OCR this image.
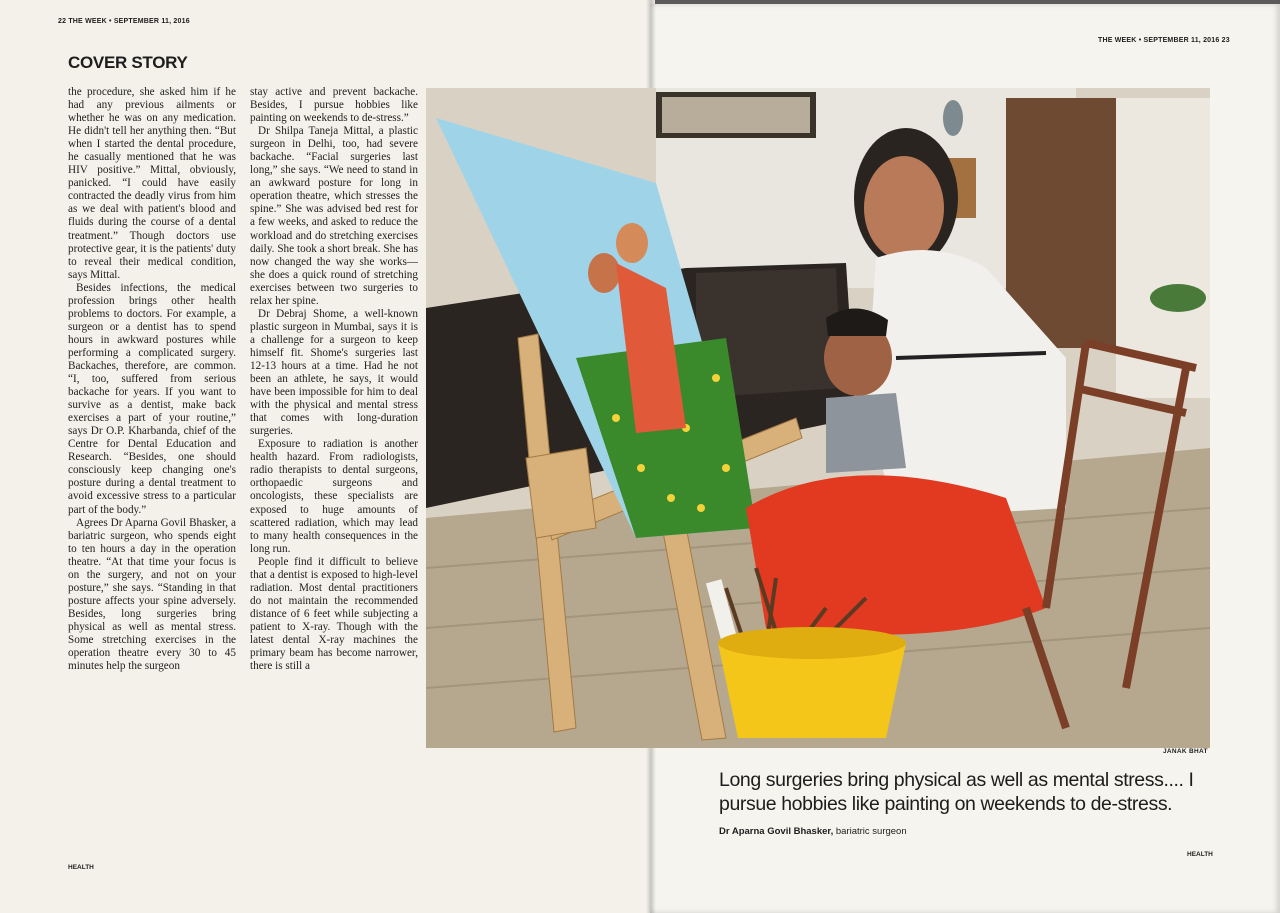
22 THE WEEK • SEPTEMBER 11, 2016
COVER STORY

the procedure, she asked him if he had any previous ailments or whether he was on any medication. He didn't tell her anything then. “But when I started the dental procedure, he casually mentioned that he was HIV positive.” Mittal, obviously, panicked. “I could have easily contracted the deadly virus from him as we deal with patient's blood and fluids during the course of a dental treatment.” Though doctors use protective gear, it is the patients' duty to reveal their medical condition, says Mittal.

Besides infections, the medical profession brings other health problems to doctors. For example, a surgeon or a dentist has to spend hours in awkward postures while performing a complicated surgery. Backaches, therefore, are common. “I, too, suffered from serious backache for years. If you want to survive as a dentist, make back exercises a part of your routine,” says Dr O.P. Kharbanda, chief of the Centre for Dental Education and Research. “Besides, one should consciously keep changing one's posture during a dental treatment to avoid excessive stress to a particular part of the body.”

Agrees Dr Aparna Govil Bhasker, a bariatric surgeon, who spends eight to ten hours a day in the operation theatre. “At that time your focus is on the surgery, and not on your posture,” she says. “Standing in that posture affects your spine adversely. Besides, long surgeries bring physical as well as mental stress. Some stretching exercises in the operation theatre every 30 to 45 minutes help the surgeon

stay active and prevent backache. Besides, I pursue hobbies like painting on weekends to de-stress.”

Dr Shilpa Taneja Mittal, a plastic surgeon in Delhi, too, had severe backache. “Facial surgeries last long,” she says. “We need to stand in an awkward posture for long in operation theatre, which stresses the spine.” She was advised bed rest for a few weeks, and asked to reduce the workload and do stretching exercises daily. She took a short break. She has now changed the way she works—she does a quick round of stretching exercises between two surgeries to relax her spine.

Dr Debraj Shome, a well-known plastic surgeon in Mumbai, says it is a challenge for a surgeon to keep himself fit. Shome's surgeries last 12-13 hours at a time. Had he not been an athlete, he says, it would have been impossible for him to deal with the physical and mental stress that comes with long-duration surgeries.

Exposure to radiation is another health hazard. From radiologists, radio therapists to dental surgeons, orthopaedic surgeons and oncologists, these specialists are exposed to huge amounts of scattered radiation, which may lead to many health consequences in the long run.

People find it difficult to believe that a dentist is exposed to high-level radiation. Most dental practitioners do not maintain the recommended distance of 6 feet while subjecting a patient to X-ray. Though with the latest dental X-ray machines the primary beam has become narrower, there is still a

HEALTH
THE WEEK • SEPTEMBER 11, 2016 23
JANAK BHAT
Long surgeries bring physical as well as mental stress.... I pursue hobbies like painting on weekends to de-stress.
Dr Aparna Govil Bhasker, bariatric surgeon
HEALTH
